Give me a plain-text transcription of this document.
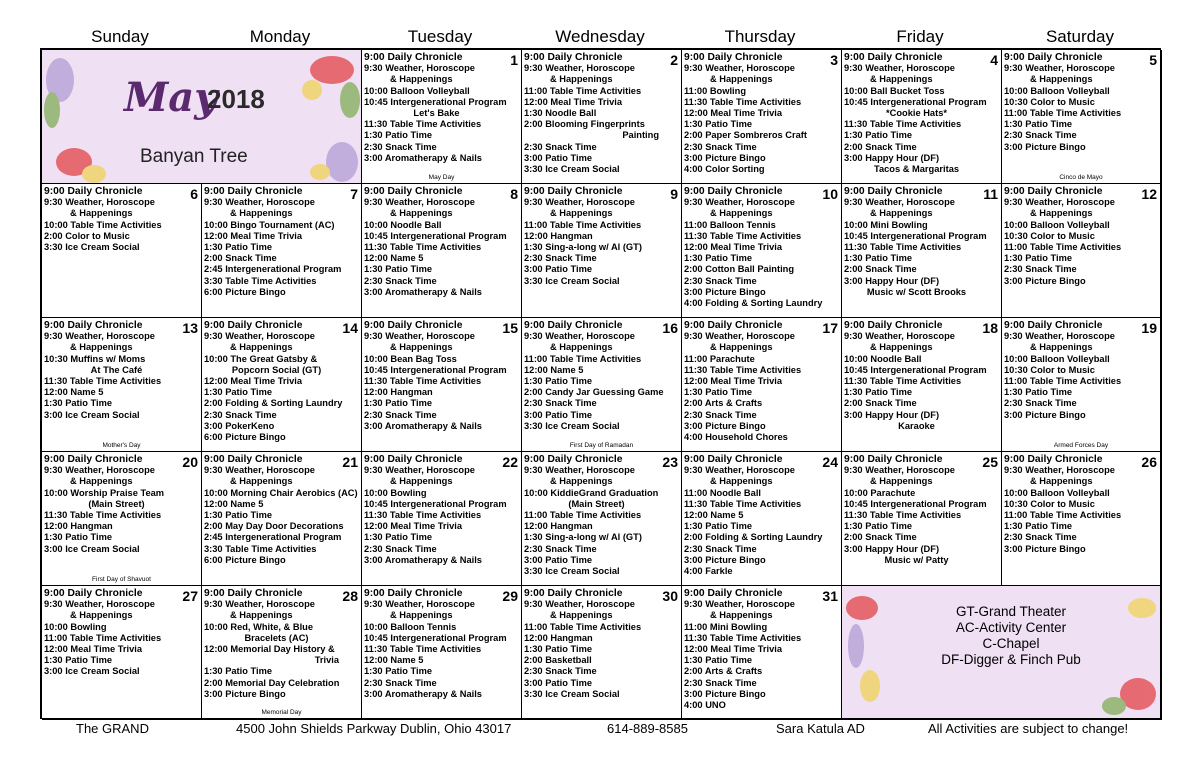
Sunday	Monday	Tuesday	Wednesday	Thursday	Friday	Saturday
May
2018
Banyan Tree
1
9:00 Daily Chronicle
9:30 Weather, Horoscope
& Happenings
10:00 Balloon Volleyball
10:45 Intergenerational Program
Let's Bake
11:30 Table Time Activities
1:30 Patio Time
2:30 Snack Time
3:00 Aromatherapy & Nails
May Day
2
9:00 Daily Chronicle
9:30 Weather, Horoscope
& Happenings
11:00 Table Time Activities
12:00 Meal Time Trivia
1:30 Noodle Ball
2:00 Blooming Fingerprints
Painting
2:30 Snack Time
3:00 Patio Time
3:30 Ice Cream Social
3
9:00 Daily Chronicle
9:30 Weather, Horoscope
& Happenings
11:00 Bowling
11:30 Table Time Activities
12:00 Meal Time Trivia
1:30 Patio Time
2:00 Paper Sombreros Craft
2:30 Snack Time
3:00 Picture Bingo
4:00 Color Sorting
4
9:00 Daily Chronicle
9:30 Weather, Horoscope
& Happenings
10:00 Ball Bucket Toss
10:45 Intergenerational Program
*Cookie Hats*
11:30 Table Time Activities
1:30 Patio Time
2:00 Snack Time
3:00 Happy Hour (DF)
Tacos & Margaritas
5
9:00 Daily Chronicle
9:30 Weather, Horoscope
& Happenings
10:00 Balloon Volleyball
10:30 Color to Music
11:00 Table Time Activities
1:30 Patio Time
2:30 Snack Time
3:00 Picture Bingo
Cinco de Mayo
6
9:00 Daily Chronicle
9:30 Weather, Horoscope
& Happenings
10:00 Table Time Activities
2:00 Color to Music
3:30 Ice Cream Social
7
9:00 Daily Chronicle
9:30 Weather, Horoscope
& Happenings
10:00 Bingo Tournament (AC)
12:00 Meal Time Trivia
1:30 Patio Time
2:00 Snack Time
2:45 Intergenerational Program
3:30 Table Time Activities
6:00 Picture Bingo
8
9:00 Daily Chronicle
9:30 Weather, Horoscope
& Happenings
10:00 Noodle Ball
10:45 Intergenerational Program
11:30 Table Time Activities
12:00 Name 5
1:30 Patio Time
2:30 Snack Time
3:00 Aromatherapy & Nails
9
9:00 Daily Chronicle
9:30 Weather, Horoscope
& Happenings
11:00 Table Time Activities
12:00 Hangman
1:30 Sing-a-long w/ Al (GT)
2:30 Snack Time
3:00 Patio Time
3:30 Ice Cream Social
10
9:00 Daily Chronicle
9:30 Weather, Horoscope
& Happenings
11:00 Balloon Tennis
11:30 Table Time Activities
12:00 Meal Time Trivia
1:30 Patio Time
2:00 Cotton Ball Painting
2:30 Snack Time
3:00 Picture Bingo
4:00 Folding & Sorting Laundry
11
9:00 Daily Chronicle
9:30 Weather, Horoscope
& Happenings
10:00 Mini Bowling
10:45 Intergenerational Program
11:30 Table Time Activities
1:30 Patio Time
2:00 Snack Time
3:00 Happy Hour (DF)
Music w/ Scott Brooks
12
9:00 Daily Chronicle
9:30 Weather, Horoscope
& Happenings
10:00 Balloon Volleyball
10:30 Color to Music
11:00 Table Time Activities
1:30 Patio Time
2:30 Snack Time
3:00 Picture Bingo
13
9:00 Daily Chronicle
9:30 Weather, Horoscope
& Happenings
10:30 Muffins w/ Moms
At The Café
11:30 Table Time Activities
12:00 Name 5
1:30 Patio Time
3:00 Ice Cream Social
Mother's Day
14
9:00 Daily Chronicle
9:30 Weather, Horoscope
& Happenings
10:00 The Great Gatsby &
Popcorn Social (GT)
12:00 Meal Time Trivia
1:30 Patio Time
2:00 Folding & Sorting Laundry
2:30 Snack Time
3:00 PokerKeno
6:00 Picture Bingo
15
9:00 Daily Chronicle
9:30 Weather, Horoscope
& Happenings
10:00 Bean Bag Toss
10:45 Intergenerational Program
11:30 Table Time Activities
12:00 Hangman
1:30 Patio Time
2:30 Snack Time
3:00 Aromatherapy & Nails
16
9:00 Daily Chronicle
9:30 Weather, Horoscope
& Happenings
11:00 Table Time Activities
12:00 Name 5
1:30 Patio Time
2:00 Candy Jar Guessing Game
2:30 Snack Time
3:00 Patio Time
3:30 Ice Cream Social
First Day of Ramadan
17
9:00 Daily Chronicle
9:30 Weather, Horoscope
& Happenings
11:00 Parachute
11:30 Table Time Activities
12:00 Meal Time Trivia
1:30 Patio Time
2:00 Arts & Crafts
2:30 Snack Time
3:00 Picture Bingo
4:00 Household Chores
18
9:00 Daily Chronicle
9:30 Weather, Horoscope
& Happenings
10:00 Noodle Ball
10:45 Intergenerational Program
11:30 Table Time Activities
1:30 Patio Time
2:00 Snack Time
3:00 Happy Hour (DF)
Karaoke
19
9:00 Daily Chronicle
9:30 Weather, Horoscope
& Happenings
10:00 Balloon Volleyball
10:30 Color to Music
11:00 Table Time Activities
1:30 Patio Time
2:30 Snack Time
3:00 Picture Bingo
Armed Forces Day
20
9:00 Daily Chronicle
9:30 Weather, Horoscope
& Happenings
10:00 Worship Praise Team
(Main Street)
11:30 Table Time Activities
12:00 Hangman
1:30 Patio Time
3:00 Ice Cream Social
First Day of Shavuot
21
9:00 Daily Chronicle
9:30 Weather, Horoscope
& Happenings
10:00 Morning Chair Aerobics (AC)
12:00 Name 5
1:30 Patio Time
2:00 May Day Door Decorations
2:45 Intergenerational Program
3:30 Table Time Activities
6:00 Picture Bingo
22
9:00 Daily Chronicle
9:30 Weather, Horoscope
& Happenings
10:00 Bowling
10:45 Intergenerational Program
11:30 Table Time Activities
12:00 Meal Time Trivia
1:30 Patio Time
2:30 Snack Time
3:00 Aromatherapy & Nails
23
9:00 Daily Chronicle
9:30 Weather, Horoscope
& Happenings
10:00 KiddieGrand Graduation
(Main Street)
11:00 Table Time Activities
12:00 Hangman
1:30 Sing-a-long w/ Al (GT)
2:30 Snack Time
3:00 Patio Time
3:30 Ice Cream Social
24
9:00 Daily Chronicle
9:30 Weather, Horoscope
& Happenings
11:00 Noodle Ball
11:30 Table Time Activities
12:00 Name 5
1:30 Patio Time
2:00 Folding & Sorting Laundry
2:30 Snack Time
3:00 Picture Bingo
4:00 Farkle
25
9:00 Daily Chronicle
9:30 Weather, Horoscope
& Happenings
10:00 Parachute
10:45 Intergenerational Program
11:30 Table Time Activities
1:30 Patio Time
2:00 Snack Time
3:00 Happy Hour (DF)
Music w/ Patty
26
9:00 Daily Chronicle
9:30 Weather, Horoscope
& Happenings
10:00 Balloon Volleyball
10:30 Color to Music
11:00 Table Time Activities
1:30 Patio Time
2:30 Snack Time
3:00 Picture Bingo
27
9:00 Daily Chronicle
9:30 Weather, Horoscope
& Happenings
10:00 Bowling
11:00 Table Time Activities
12:00 Meal Time Trivia
1:30 Patio Time
3:00 Ice Cream Social
28
9:00 Daily Chronicle
9:30 Weather, Horoscope
& Happenings
10:00 Red, White, & Blue
Bracelets (AC)
12:00 Memorial Day History &
Trivia
1:30 Patio Time
2:00 Memorial Day Celebration
3:00 Picture Bingo
Memorial Day
29
9:00 Daily Chronicle
9:30 Weather, Horoscope
& Happenings
10:00 Balloon Tennis
10:45 Intergenerational Program
11:30 Table Time Activities
12:00 Name 5
1:30 Patio Time
2:30 Snack Time
3:00 Aromatherapy & Nails
30
9:00 Daily Chronicle
9:30 Weather, Horoscope
& Happenings
11:00 Table Time Activities
12:00 Hangman
1:30 Patio Time
2:00 Basketball
2:30 Snack Time
3:00 Patio Time
3:30 Ice Cream Social
31
9:00 Daily Chronicle
9:30 Weather, Horoscope
& Happenings
11:00 Mini Bowling
11:30 Table Time Activities
12:00 Meal Time Trivia
1:30 Patio Time
2:00 Arts & Crafts
2:30 Snack Time
3:00 Picture Bingo
4:00 UNO
GT-Grand Theater
AC-Activity Center
C-Chapel
DF-Digger & Finch Pub
The GRAND	4500 John Shields Parkway Dublin, Ohio 43017	614-889-8585	Sara Katula AD	All Activities are subject to change!
